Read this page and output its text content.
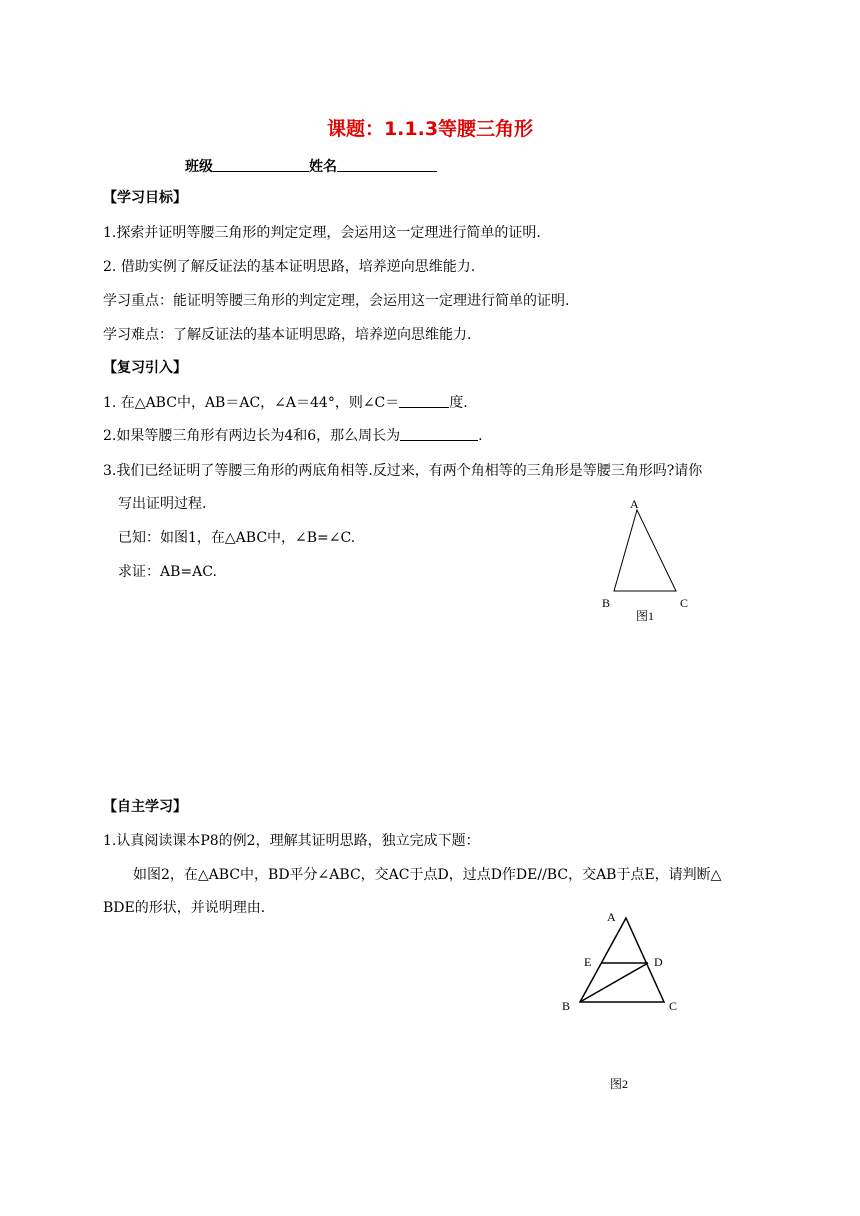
课题：1.1.3等腰三角形
班级	姓名
【学习目标】
1.探索并证明等腰三角形的判定定理，会运用这一定理进行简单的证明.
2. 借助实例了解反证法的基本证明思路，培养逆向思维能力.
学习重点：能证明等腰三角形的判定定理，会运用这一定理进行简单的证明.
学习难点：了解反证法的基本证明思路，培养逆向思维能力.
【复习引入】
1. 在△ABC中，AB＝AC，∠A＝44°，则∠C＝	度.
2.如果等腰三角形有两边长为4和6，那么周长为	.
3.我们已经证明了等腰三角形的两底角相等.反过来，有两个角相等的三角形是等腰三角形吗?请你
写出证明过程.
已知：如图1，在△ABC中，∠B=∠C.
求证：AB=AC.
A
B	C
图1
【自主学习】
1.认真阅读课本P8的例2，理解其证明思路，独立完成下题：
如图2，在△ABC中，BD平分∠ABC，交AC于点D，过点D作DE//BC，交AB于点E，请判断△
BDE的形状，并说明理由.
A
E	D
B	C
图2
